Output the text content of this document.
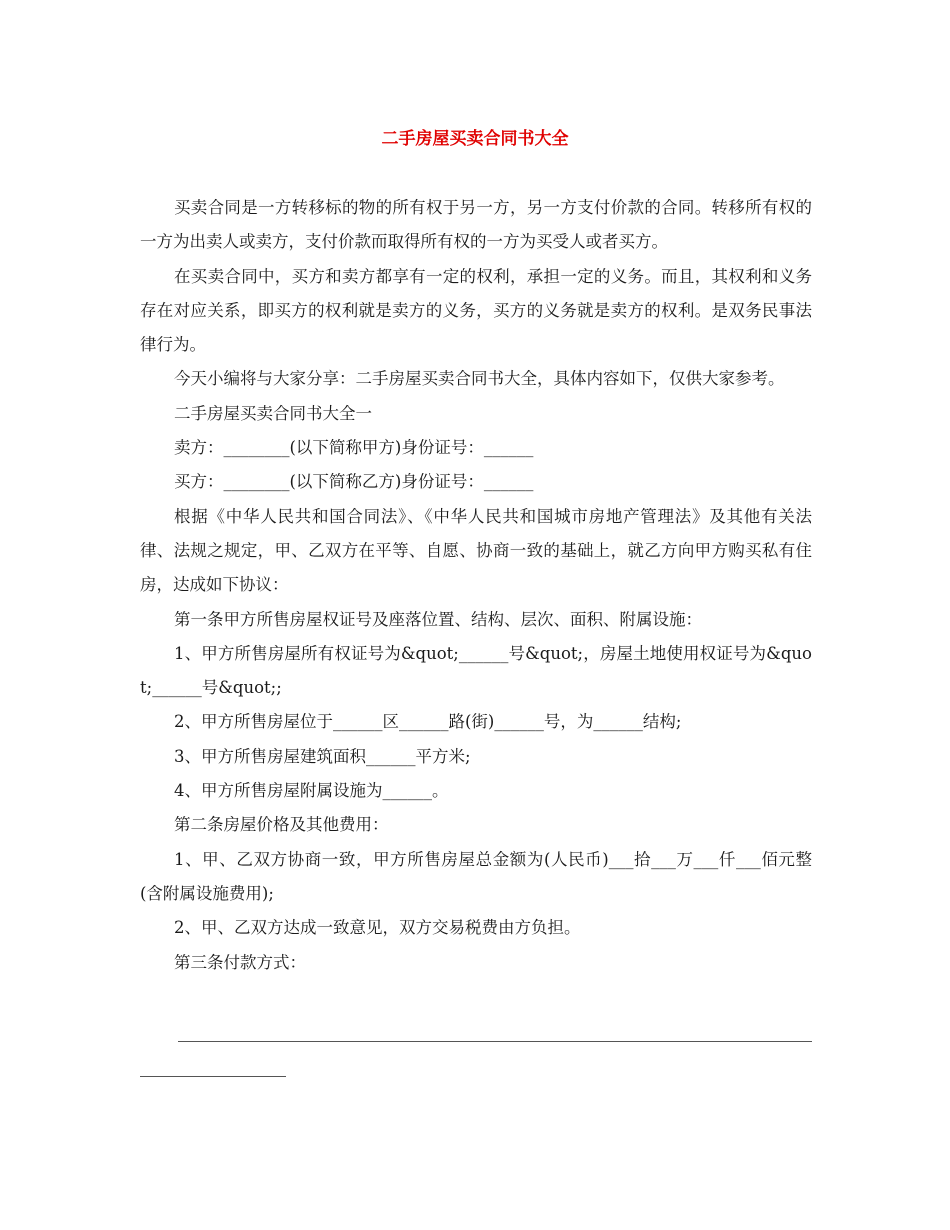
二手房屋买卖合同书大全

买卖合同是一方转移标的物的所有权于另一方，另一方支付价款的合同。转移所有权的一方为出卖人或卖方，支付价款而取得所有权的一方为买受人或者买方。

在买卖合同中，买方和卖方都享有一定的权利，承担一定的义务。而且，其权利和义务存在对应关系，即买方的权利就是卖方的义务，买方的义务就是卖方的权利。是双务民事法律行为。

今天小编将与大家分享：二手房屋买卖合同书大全，具体内容如下，仅供大家参考。

二手房屋买卖合同书大全一

卖方：________(以下简称甲方)身份证号：______

买方：________(以下简称乙方)身份证号：______

根据《中华人民共和国合同法》、《中华人民共和国城市房地产管理法》及其他有关法律、法规之规定，甲、乙双方在平等、自愿、协商一致的基础上，就乙方向甲方购买私有住房，达成如下协议：

第一条甲方所售房屋权证号及座落位置、结构、层次、面积、附属设施：

1、甲方所售房屋所有权证号为&quot;______号&quot;，房屋土地使用权证号为&quot;______号&quot;;

2、甲方所售房屋位于______区______路(街)______号，为______结构;

3、甲方所售房屋建筑面积______平方米;

4、甲方所售房屋附属设施为______。

第二条房屋价格及其他费用：

1、甲、乙双方协商一致，甲方所售房屋总金额为(人民币)___拾___万___仟___佰元整(含附属设施费用);

2、甲、乙双方达成一致意见，双方交易税费由方负担。

第三条付款方式：
